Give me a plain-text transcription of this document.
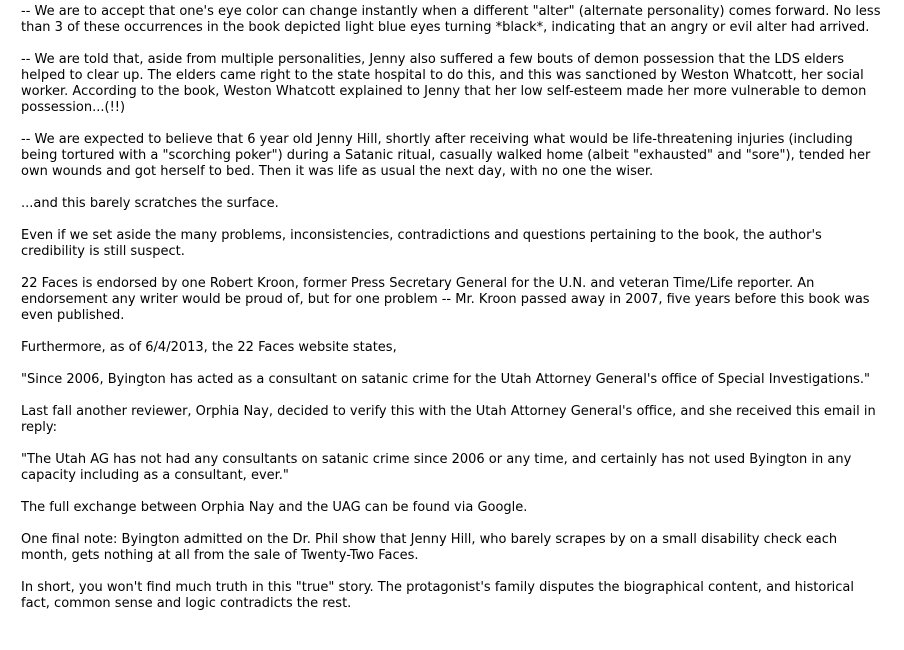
-- We are to accept that one's eye color can change instantly when a different "alter" (alternate personality) comes forward. No less than 3 of these occurrences in the book depicted light blue eyes turning *black*, indicating that an angry or evil alter had arrived.

-- We are told that, aside from multiple personalities, Jenny also suffered a few bouts of demon possession that the LDS elders helped to clear up. The elders came right to the state hospital to do this, and this was sanctioned by Weston Whatcott, her social worker. According to the book, Weston Whatcott explained to Jenny that her low self-esteem made her more vulnerable to demon possession...(!!)

-- We are expected to believe that 6 year old Jenny Hill, shortly after receiving what would be life-threatening injuries (including being tortured with a "scorching poker") during a Satanic ritual, casually walked home (albeit "exhausted" and "sore"), tended her own wounds and got herself to bed. Then it was life as usual the next day, with no one the wiser.

...and this barely scratches the surface.

Even if we set aside the many problems, inconsistencies, contradictions and questions pertaining to the book, the author's credibility is still suspect.

22 Faces is endorsed by one Robert Kroon, former Press Secretary General for the U.N. and veteran Time/Life reporter. An endorsement any writer would be proud of, but for one problem -- Mr. Kroon passed away in 2007, five years before this book was even published.

Furthermore, as of 6/4/2013, the 22 Faces website states,

"Since 2006, Byington has acted as a consultant on satanic crime for the Utah Attorney General's office of Special Investigations."

Last fall another reviewer, Orphia Nay, decided to verify this with the Utah Attorney General's office, and she received this email in reply:

"The Utah AG has not had any consultants on satanic crime since 2006 or any time, and certainly has not used Byington in any capacity including as a consultant, ever."

The full exchange between Orphia Nay and the UAG can be found via Google.

One final note: Byington admitted on the Dr. Phil show that Jenny Hill, who barely scrapes by on a small disability check each month, gets nothing at all from the sale of Twenty-Two Faces.

In short, you won't find much truth in this "true" story. The protagonist's family disputes the biographical content, and historical fact, common sense and logic contradicts the rest.
